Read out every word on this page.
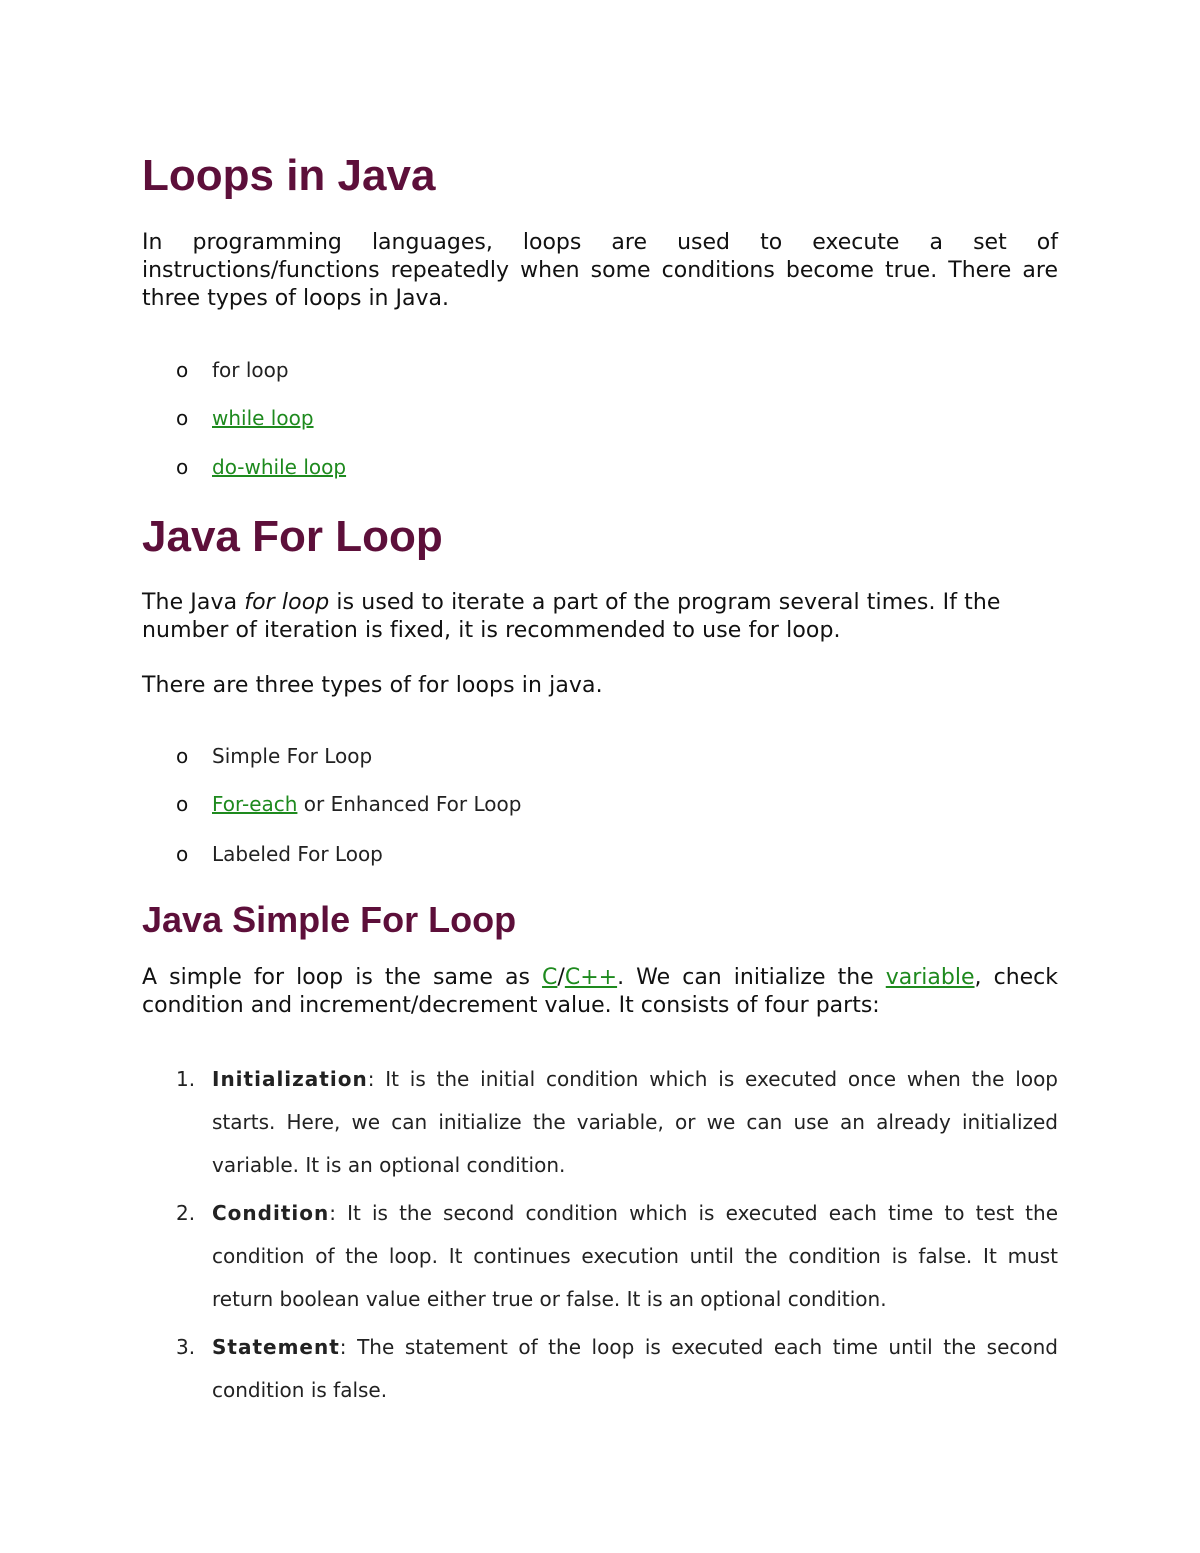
Loops in Java

In programming languages, loops are used to execute a set of instructions/functions repeatedly when some conditions become true. There are three types of loops in Java.

o for loop
o while loop
o do-while loop
Java For Loop

The Java for loop is used to iterate a part of the program several times. If the number of iteration is fixed, it is recommended to use for loop.

There are three types of for loops in java.

o Simple For Loop
o For-each or Enhanced For Loop
o Labeled For Loop
Java Simple For Loop

A simple for loop is the same as C/C++. We can initialize the variable, check condition and increment/decrement value. It consists of four parts:

1. Initialization: It is the initial condition which is executed once when the loop starts. Here, we can initialize the variable, or we can use an already initialized variable. It is an optional condition.
2. Condition: It is the second condition which is executed each time to test the condition of the loop. It continues execution until the condition is false. It must return boolean value either true or false. It is an optional condition.
3. Statement: The statement of the loop is executed each time until the second condition is false.
